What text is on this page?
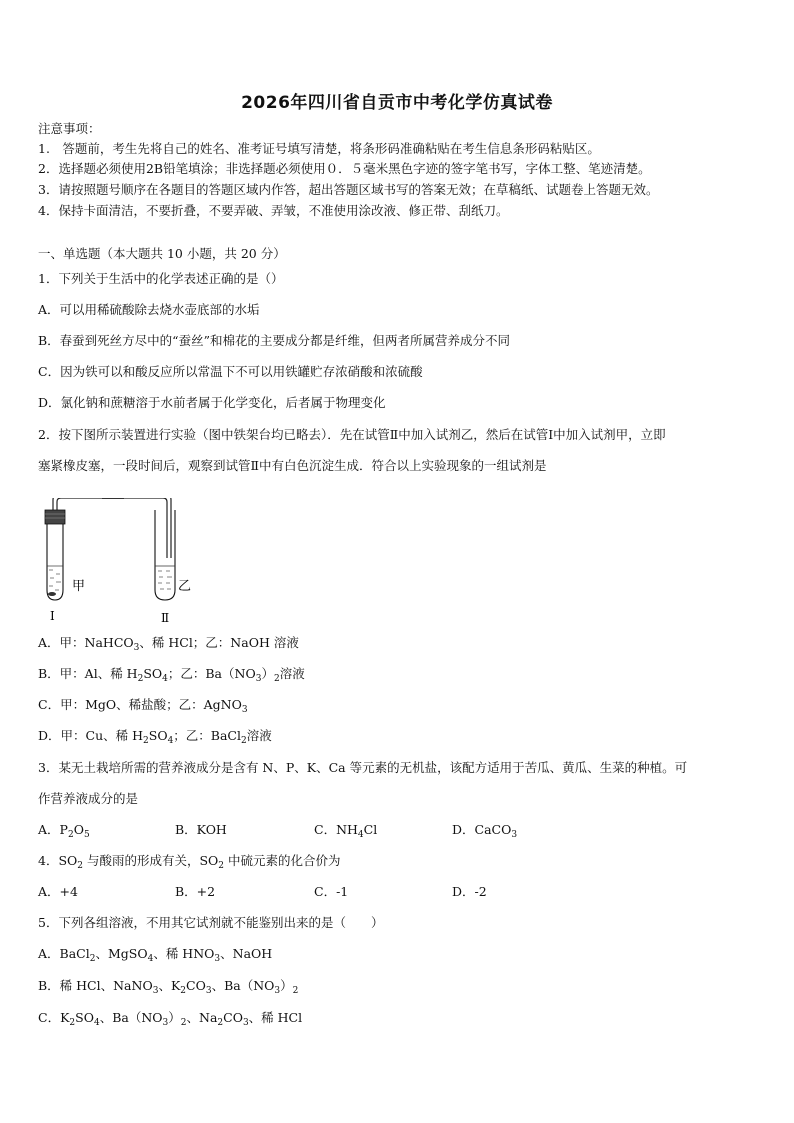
2026年四川省自贡市中考化学仿真试卷
注意事项：
1.　答题前，考生先将自己的姓名、准考证号填写清楚，将条形码准确粘贴在考生信息条形码粘贴区。
2．选择题必须使用2B铅笔填涂；非选择题必须使用０．５毫米黑色字迹的签字笔书写，字体工整、笔迹清楚。
3．请按照题号顺序在各题目的答题区域内作答，超出答题区域书写的答案无效；在草稿纸、试题卷上答题无效。
4．保持卡面清洁，不要折叠，不要弄破、弄皱，不准使用涂改液、修正带、刮纸刀。
一、单选题（本大题共 10 小题，共 20 分）
1．下列关于生活中的化学表述正确的是（）
A．可以用稀硫酸除去烧水壶底部的水垢
B．春蚕到死丝方尽中的“蚕丝”和棉花的主要成分都是纤维，但两者所属营养成分不同
C．因为铁可以和酸反应所以常温下不可以用铁罐贮存浓硝酸和浓硫酸
D．氯化钠和蔗糖溶于水前者属于化学变化，后者属于物理变化
2．按下图所示装置进行实验（图中铁架台均已略去）．先在试管Ⅱ中加入试剂乙，然后在试管Ⅰ中加入试剂甲，立即
塞紧橡皮塞，一段时间后，观察到试管Ⅱ中有白色沉淀生成．符合以上实验现象的一组试剂是
甲
Ⅰ
乙
Ⅱ
A．甲：NaHCO$_3$、稀 HCl；乙：NaOH 溶液
B．甲：Al、稀 $H_2SO_4$；乙：$Ba(NO_3)_2$溶液
C．甲：MgO、稀盐酸；乙：AgNO$_3$
D．甲：Cu、稀 $H_2SO_4$；乙：BaCl$_2$溶液
3．某无土栽培所需的营养液成分是含有 N、P、K、Ca 等元素的无机盐，该配方适用于苦瓜、黄瓜、生菜的种植。可
作营养液成分的是
A．$P_2O_5$	B．KOH	C．$NH_4Cl$	D．CaCO$_3$
4．$SO_2$ 与酸雨的形成有关，$SO_2$ 中硫元素的化合价为
A．+4	B．+2	C．-1	D．-2
5．下列各组溶液，不用其它试剂就不能鉴别出来的是（　　）
A．BaCl$_2$、MgSO$_4$、稀 $HNO_3$、NaOH
B．稀 HCl、NaNO$_3$、$K_2CO_3$、$Ba(NO_3)_2$
C．$K_2SO_4$、$Ba(NO_3)_2$、$Na_2CO_3$、稀 HCl
